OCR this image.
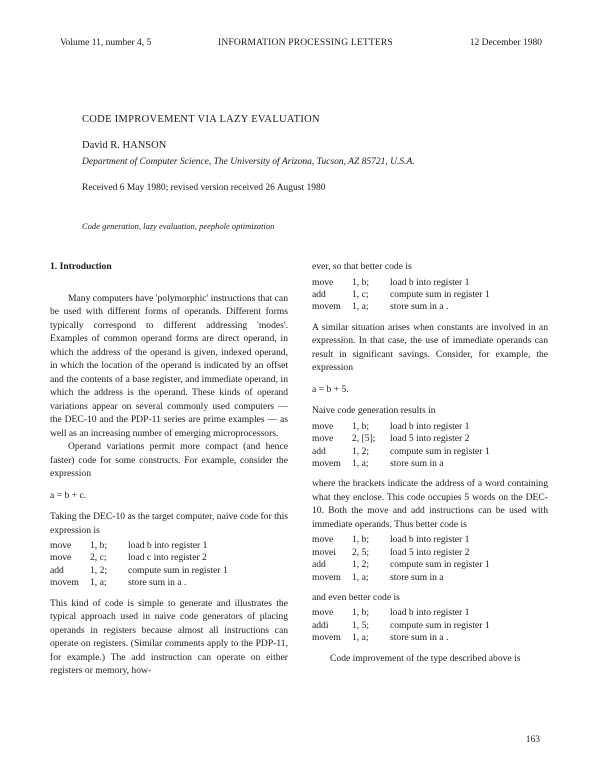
Volume 11, number 4, 5	INFORMATION PROCESSING LETTERS	12 December 1980
CODE IMPROVEMENT VIA LAZY EVALUATION
David R. HANSON
Department of Computer Science, The University of Arizona, Tucson, AZ 85721, U.S.A.
Received 6 May 1980; revised version received 26 August 1980
Code generation, lazy evaluation, peephole optimization

1. Introduction

Many computers have 'polymorphic' instructions that can be used with different forms of operands. Different forms typically correspond to different addressing 'modes'. Examples of common operand forms are direct operand, in which the address of the operand is given, indexed operand, in which the location of the operand is indicated by an offset and the contents of a base register, and immediate operand, in which the address is the operand. These kinds of operand variations appear on several commonly used computers — the DEC-10 and the PDP-11 series are prime examples — as well as an increasing number of emerging microprocessors.

Operand variations permit more compact (and hence faster) code for some constructs. For example, consider the expression

a = b + c.

Taking the DEC-10 as the target computer, naive code for this expression is

move	1, b;	load b into register 1
move	2, c;	load c into register 2
add	1, 2;	compute sum in register 1
movem	1, a;	store sum in a .

This kind of code is simple to generate and illustrates the typical approach used in naive code generators of placing operands in registers because almost all instructions can operate on registers. (Similar comments apply to the PDP-11, for example.) The add instruction can operate on either registers or memory, how-

ever, so that better code is

move	1, b;	load b into register 1
add	1, c;	compute sum in register 1
movem	1, a;	store sum in a .

A similar situation arises when constants are involved in an expression. In that case, the use of immediate operands can result in significant savings. Consider, for example, the expression

a = b + 5.

Naive code generation results in

move	1, b;	load b into register 1
move	2, [5];	load 5 into register 2
add	1, 2;	compute sum in register 1
movem	1, a;	store sum in a

where the brackets indicate the address of a word containing what they enclose. This code occupies 5 words on the DEC-10. Both the move and add instructions can be used with immediate operands. Thus better code is

move	1, b;	load b into register 1
movei	2, 5;	load 5 into register 2
add	1, 2;	compute sum in register 1
movem	1, a;	store sum in a

and even better code is

move	1, b;	load b into register 1
addi	1, 5;	compute sum in register 1
movem	1, a;	store sum in a .

Code improvement of the type described above is

163
